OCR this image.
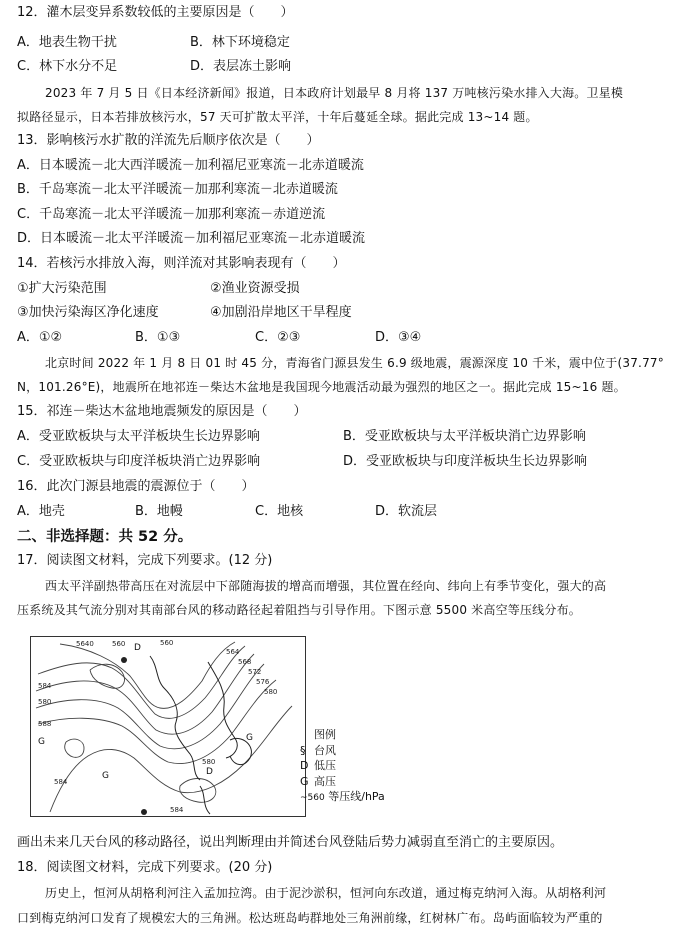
12．灌木层变异系数较低的主要原因是（　　）
A．地表生物干扰	B．林下环境稳定
C．林下水分不足	D．表层冻土影响
2023 年 7 月 5 日《日本经济新闻》报道，日本政府计划最早 8 月将 137 万吨核污染水排入大海。卫星模
拟路径显示，日本若排放核污水，57 天可扩散太平洋，十年后蔓延全球。据此完成 13~14 题。
13．影响核污水扩散的洋流先后顺序依次是（　　）
A．日本暖流－北大西洋暖流－加利福尼亚寒流－北赤道暖流
B．千岛寒流－北太平洋暖流－加那利寒流－北赤道暖流
C．千岛寒流－北太平洋暖流－加那利寒流－赤道逆流
D．日本暖流－北太平洋暖流－加利福尼亚寒流－北赤道暖流
14．若核污水排放入海，则洋流对其影响表现有（　　）
①扩大污染范围	②渔业资源受损
③加快污染海区净化速度	④加剧沿岸地区干旱程度
A．①②	B．①③	C．②③	D．③④
北京时间 2022 年 1 月 8 日 01 时 45 分，青海省门源县发生 6.9 级地震，震源深度 10 千米，震中位于(37.77°
N，101.26°E)，地震所在地祁连－柴达木盆地是我国现今地震活动最为强烈的地区之一。据此完成 15~16 题。
15．祁连－柴达木盆地地震频发的原因是（　　）
A．受亚欧板块与太平洋板块生长边界影响	B．受亚欧板块与太平洋板块消亡边界影响
C．受亚欧板块与印度洋板块消亡边界影响	D．受亚欧板块与印度洋板块生长边界影响
16．此次门源县地震的震源位于（　　）
A．地壳	B．地幔	C．地核	D．软流层
二、非选择题：共 52 分。
17．阅读图文材料，完成下列要求。(12 分)
西太平洋副热带高压在对流层中下部随海拔的增高而增强，其位置在经向、纬向上有季节变化，强大的高
压系统及其气流分别对其南部台风的移动路径起着阻挡与引导作用。下图示意 5500 米高空等压线分布。
5640	560	560
564
568
572
576
580
584
580
588
584
584
580
D
D
G
G
G	图例
§ 台风
D 低压
G 高压
~560 等压线/hPa
画出未来几天台风的移动路径，说出判断理由并简述台风登陆后势力减弱直至消亡的主要原因。
18．阅读图文材料，完成下列要求。(20 分)
历史上，恒河从胡格利河注入孟加拉湾。由于泥沙淤积，恒河向东改道，通过梅克纳河入海。从胡格利河
口到梅克纳河口发育了规模宏大的三角洲。松达班岛屿群地处三角洲前缘，红树林广布。岛屿面临较为严重的
